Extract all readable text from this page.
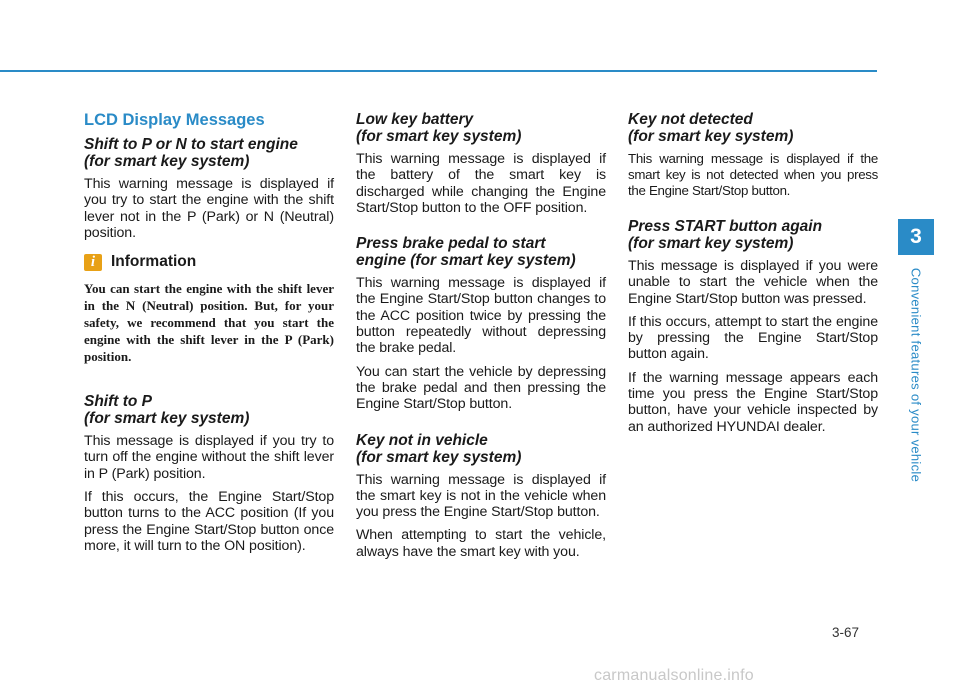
LCD Display Messages
Shift to P or N to start engine
(for smart key system)
This warning message is displayed if you try to start the engine with the shift lever not in the P (Park) or N (Neutral) position.
i	Information
You can start the engine with the shift lever in the N (Neutral) position. But, for your safety, we recommend that you start the engine with the shift lever in the P (Park) position.
Shift to P
(for smart key system)
This message is displayed if you try to turn off the engine without the shift lever in P (Park) position.
If this occurs, the Engine Start/Stop button turns to the ACC position (If you press the Engine Start/Stop button once more, it will turn to the ON position).
Low key battery
(for smart key system)
This warning message is displayed if the battery of the smart key is discharged while changing the Engine Start/Stop button to the OFF position.
Press brake pedal to start
engine (for smart key system)
This warning message is displayed if the Engine Start/Stop button changes to the ACC position twice by pressing the button repeatedly without depressing the brake pedal.
You can start the vehicle by depressing the brake pedal and then pressing the Engine Start/Stop button.
Key not in vehicle
(for smart key system)
This warning message is displayed if the smart key is not in the vehicle when you press the Engine Start/Stop button.
When attempting to start the vehicle, always have the smart key with you.
Key not detected
(for smart key system)
This warning message is displayed if the smart key is not detected when you press the Engine Start/Stop button.
Press START button again
(for smart key system)
This message is displayed if you were unable to start the vehicle when the Engine Start/Stop button was pressed.
If this occurs, attempt to start the engine by pressing the Engine Start/Stop button again.
If the warning message appears each time you press the Engine Start/Stop button, have your vehicle inspected by an authorized HYUNDAI dealer.
3
Convenient features of your vehicle
3-67
carmanualsonline.info
